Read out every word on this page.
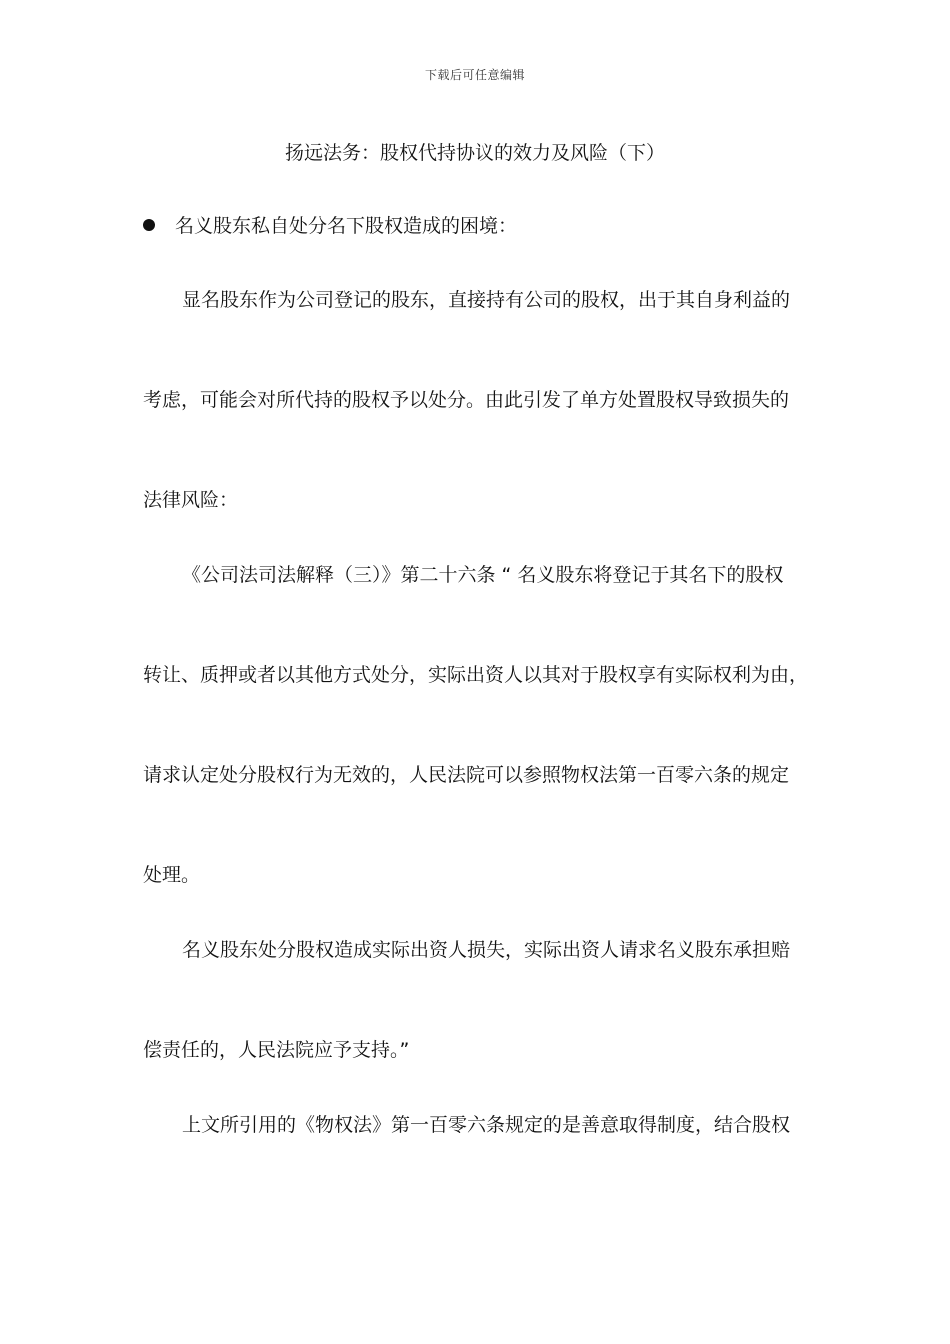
下载后可任意编辑
扬远法务：股权代持协议的效力及风险（下）
名义股东私自处分名下股权造成的困境：
显名股东作为公司登记的股东，直接持有公司的股权，出于其自身利益的
考虑，可能会对所代持的股权予以处分。由此引发了单方处置股权导致损失的
法律风险：
《公司法司法解释（三）》第二十六条 “ 名义股东将登记于其名下的股权
转让、质押或者以其他方式处分，实际出资人以其对于股权享有实际权利为由，
请求认定处分股权行为无效的，人民法院可以参照物权法第一百零六条的规定
处理。
名义股东处分股权造成实际出资人损失，实际出资人请求名义股东承担赔
偿责任的，人民法院应予支持。”
上文所引用的《物权法》第一百零六条规定的是善意取得制度，结合股权
